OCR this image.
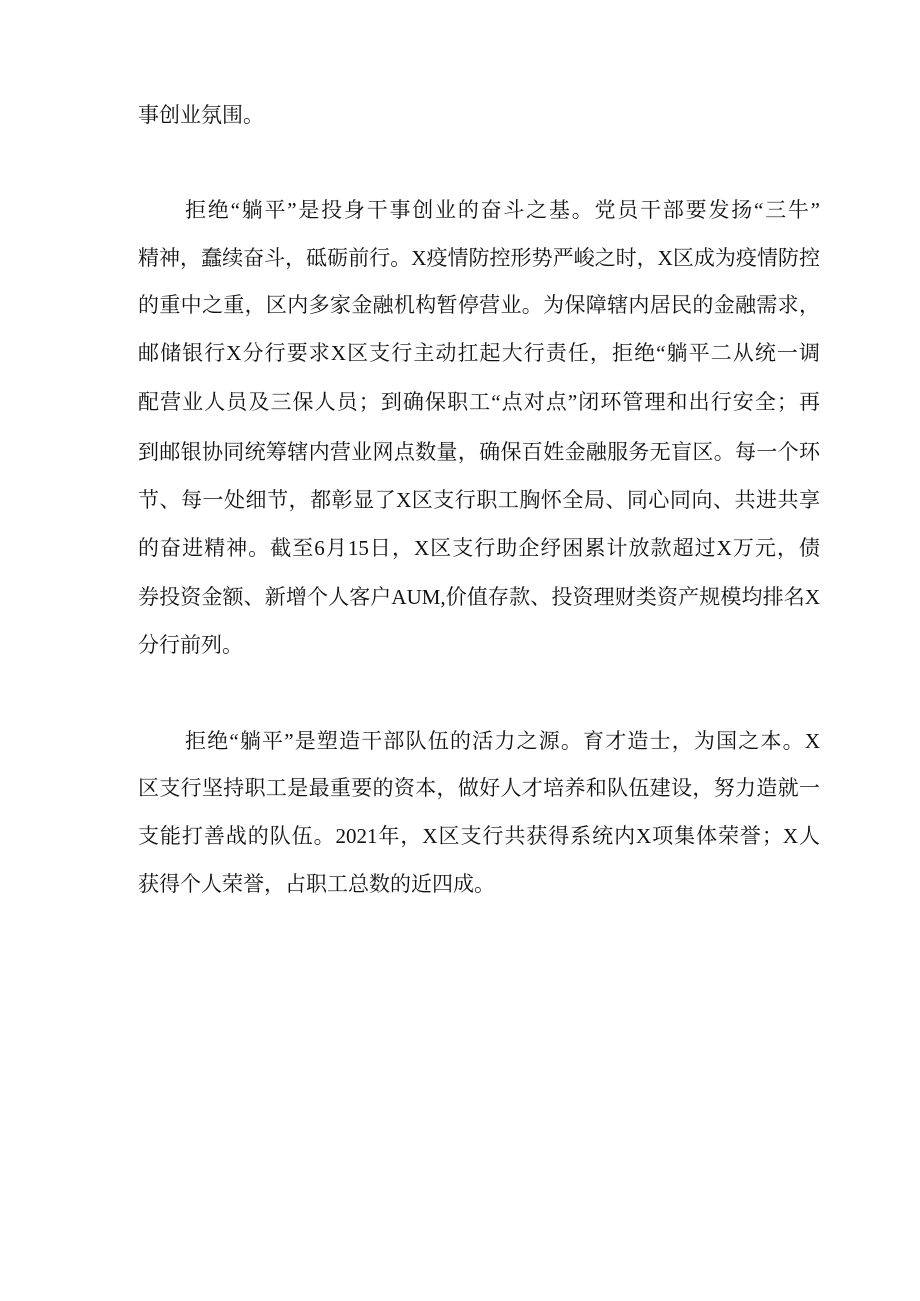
事创业氛围。
拒绝“躺平”是投身干事创业的奋斗之基。党员干部要发扬“三牛”
精神，蠢续奋斗，砥砺前行。X疫情防控形势严峻之时，X区成为疫情防控
的重中之重，区内多家金融机构暂停营业。为保障辖内居民的金融需求，
邮储银行X分行要求X区支行主动扛起大行责任，拒绝“躺平二从统一调
配营业人员及三保人员；到确保职工“点对点”闭环管理和出行安全；再
到邮银协同统筹辖内营业网点数量，确保百姓金融服务无盲区。每一个环
节、每一处细节，都彰显了X区支行职工胸怀全局、同心同向、共进共享
的奋进精神。截至6月15日，X区支行助企纾困累计放款超过X万元，债
券投资金额、新增个人客户AUM,价值存款、投资理财类资产规模均排名X
分行前列。
拒绝“躺平”是塑造干部队伍的活力之源。育才造士，为国之本。X
区支行坚持职工是最重要的资本，做好人才培养和队伍建设，努力造就一
支能打善战的队伍。2021年，X区支行共获得系统内X项集体荣誉；X人
获得个人荣誉，占职工总数的近四成。
